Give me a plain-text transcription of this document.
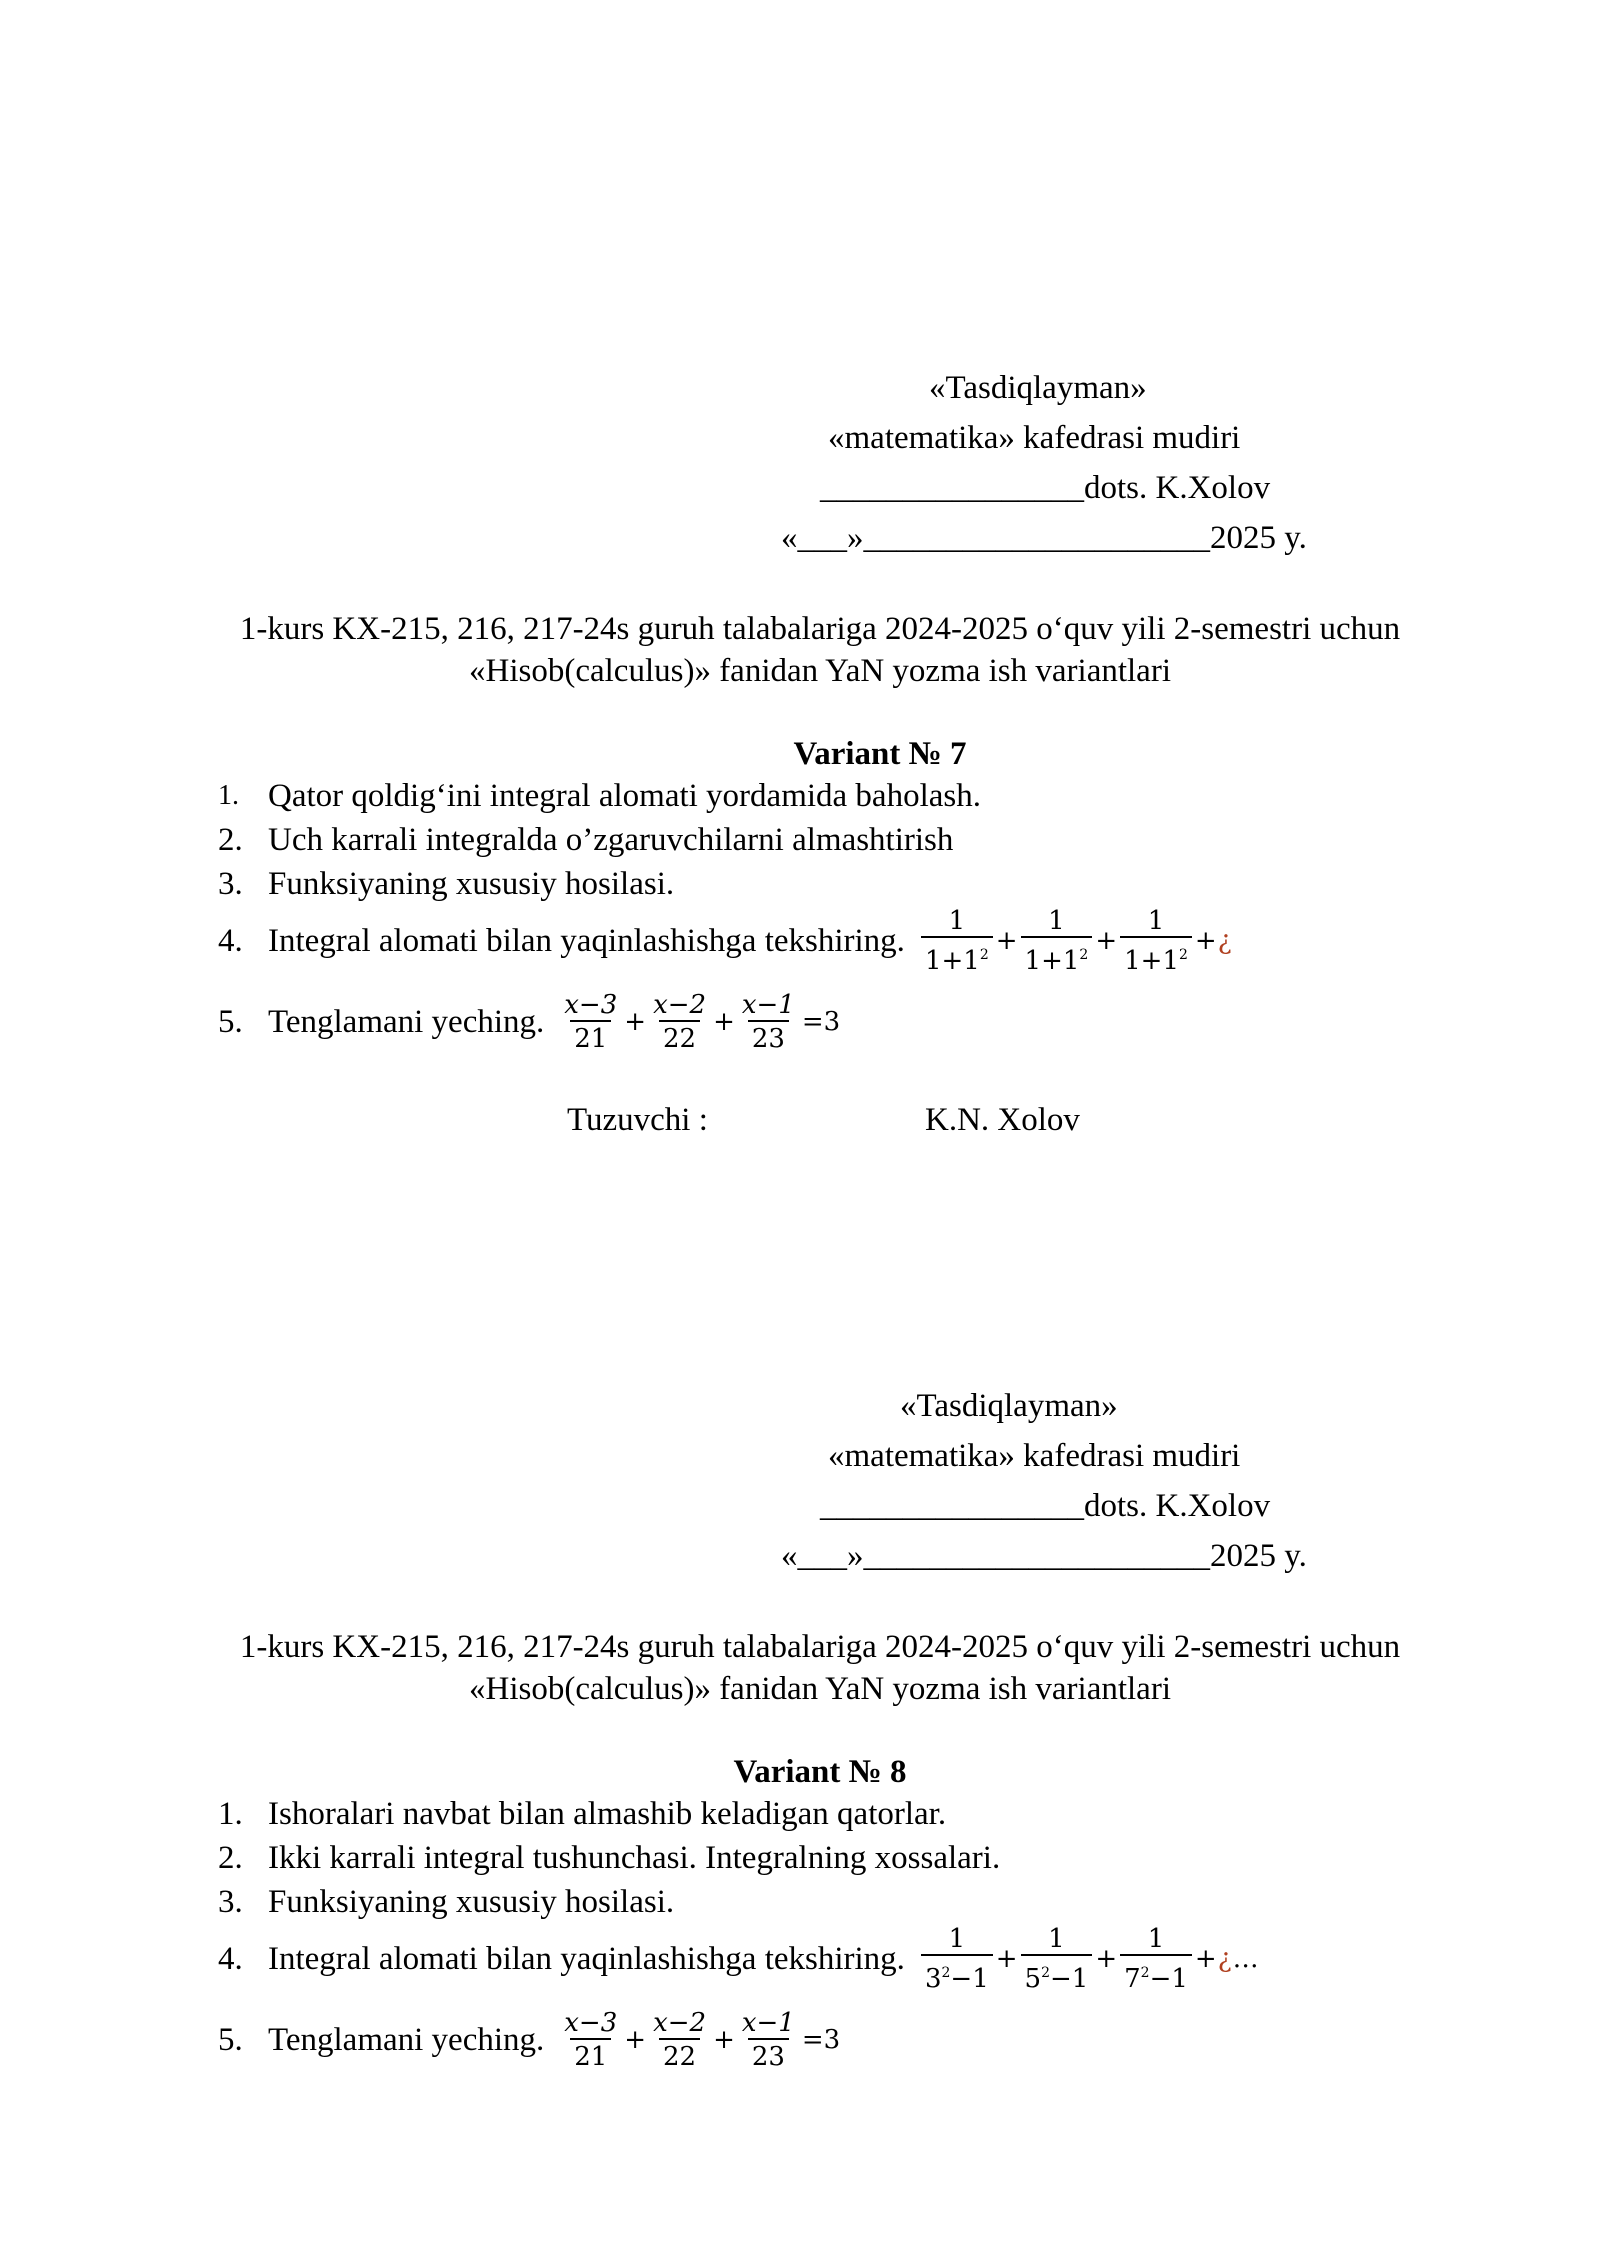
«Tasdiqlayman»
«matematika» kafedrasi mudiri
________________dots. K.Xolov
«___»_____________________2025 y.
1-kurs KX-215, 216, 217-24s guruh talabalariga 2024-2025 o‘quv yili 2-semestri uchun
«Hisob(calculus)» fanidan YaN yozma ish variantlari
Variant № 7
1. Qator qoldig‘ini integral alomati yordamida baholash.
2. Uch karrali integralda o’zgaruvchilarni almashtirish
3. Funksiyaning xususiy hosilasi.
4. Integral alomati bilan yaqinlashishga tekshiring. $\frac{1}{1+1^2} + \frac{1}{1+1^2} + \frac{1}{1+1^2}$ + ¿
5. Tenglamani yeching. $\frac{x-3}{21} + \frac{x-2}{22} + \frac{x-1}{23} =3$
Tuzuvchi :	K.N. Xolov
«Tasdiqlayman»
«matematika» kafedrasi mudiri
________________dots. K.Xolov
«___»_____________________2025 y.
1-kurs KX-215, 216, 217-24s guruh talabalariga 2024-2025 o‘quv yili 2-semestri uchun
«Hisob(calculus)» fanidan YaN yozma ish variantlari
Variant № 8
1. Ishoralari navbat bilan almashib keladigan qatorlar.
2. Ikki karrali integral tushunchasi. Integralning xossalari.
3. Funksiyaning xususiy hosilasi.
4. Integral alomati bilan yaqinlashishga tekshiring. $\frac{1}{3^2-1} + \frac{1}{5^2-1} + \frac{1}{7^2-1}$ + ¿ …
5. Tenglamani yeching. $\frac{x-3}{21} + \frac{x-2}{22} + \frac{x-1}{23} =3$
